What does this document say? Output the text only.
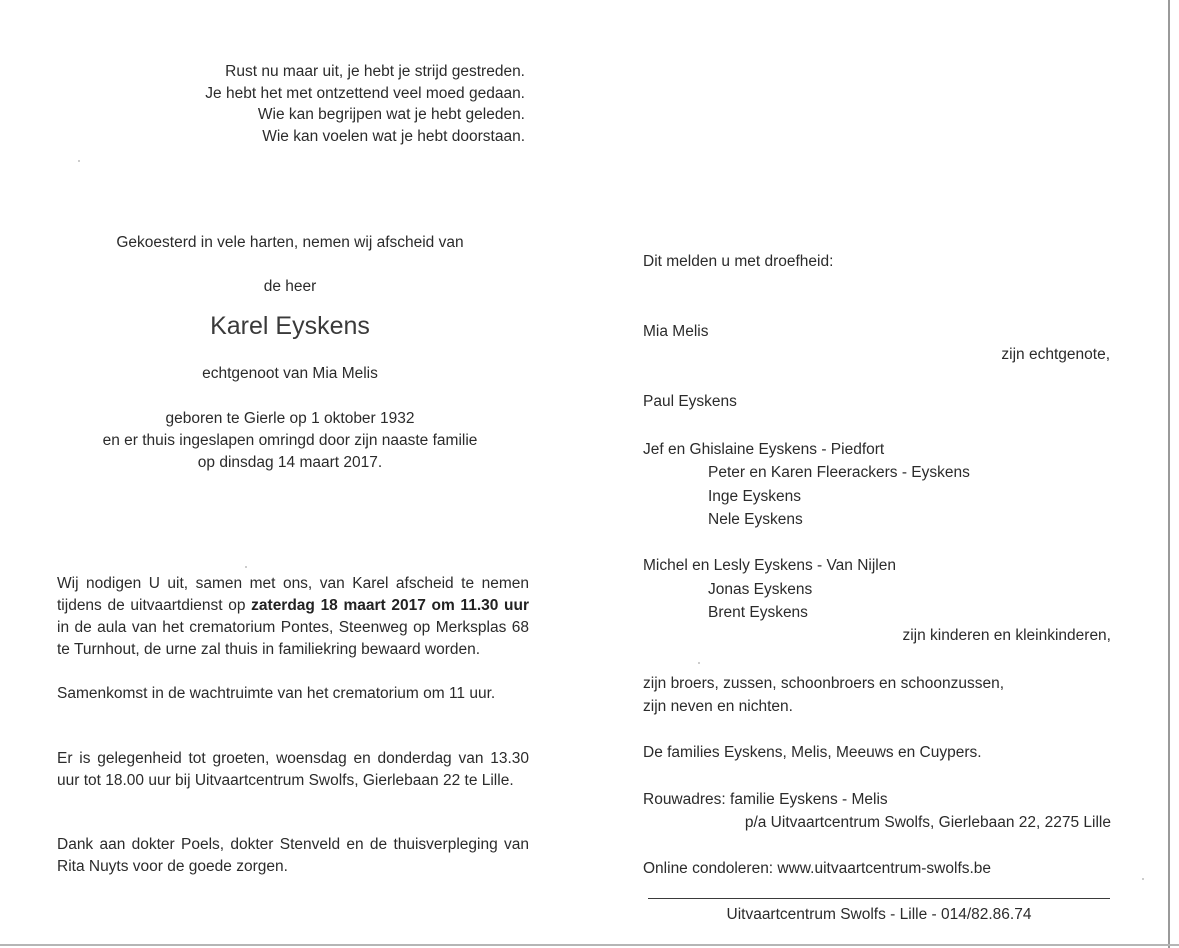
Rust nu maar uit, je hebt je strijd gestreden.
Je hebt het met ontzettend veel moed gedaan.
Wie kan begrijpen wat je hebt geleden.
Wie kan voelen wat je hebt doorstaan.
Gekoesterd in vele harten, nemen wij afscheid van
de heer
Karel Eyskens
echtgenoot van Mia Melis
geboren te Gierle op 1 oktober 1932
en er thuis ingeslapen omringd door zijn naaste familie
op dinsdag 14 maart 2017.
Wij nodigen U uit, samen met ons, van Karel afscheid te nemen
tijdens de uitvaartdienst op zaterdag 18 maart 2017 om 11.30 uur
in de aula van het crematorium Pontes, Steenweg op Merksplas 68
te Turnhout, de urne zal thuis in familiekring bewaard worden.
Samenkomst in de wachtruimte van het crematorium om 11 uur.
Er is gelegenheid tot groeten, woensdag en donderdag van 13.30
uur tot 18.00 uur bij Uitvaartcentrum Swolfs, Gierlebaan 22 te Lille.
Dank aan dokter Poels, dokter Stenveld en de thuisverpleging van
Rita Nuyts voor de goede zorgen.
Dit melden u met droefheid:
Mia Melis
zijn echtgenote,
Paul Eyskens
Jef en Ghislaine Eyskens - Piedfort
Peter en Karen Fleerackers - Eyskens
Inge Eyskens
Nele Eyskens
Michel en Lesly Eyskens - Van Nijlen
Jonas Eyskens
Brent Eyskens
zijn kinderen en kleinkinderen,
zijn broers, zussen, schoonbroers en schoonzussen,
zijn neven en nichten.
De families Eyskens, Melis, Meeuws en Cuypers.
Rouwadres: familie Eyskens - Melis
p/a Uitvaartcentrum Swolfs, Gierlebaan 22, 2275 Lille
Online condoleren: www.uitvaartcentrum-swolfs.be
Uitvaartcentrum Swolfs - Lille - 014/82.86.74
